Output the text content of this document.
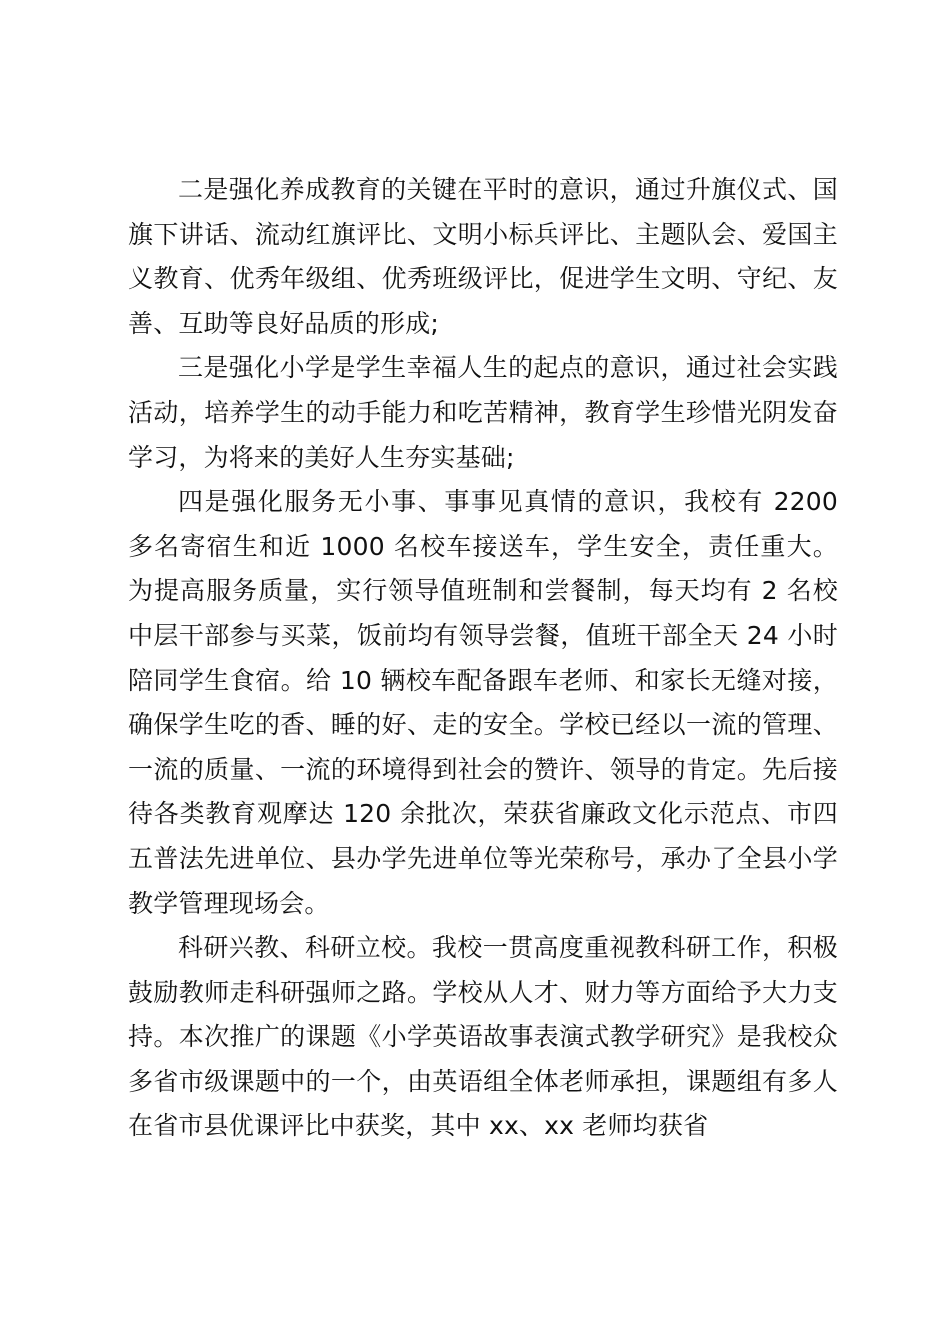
二是强化养成教育的关键在平时的意识，通过升旗仪式、国旗下讲话、流动红旗评比、文明小标兵评比、主题队会、爱国主义教育、优秀年级组、优秀班级评比，促进学生文明、守纪、友善、互助等良好品质的形成;

三是强化小学是学生幸福人生的起点的意识，通过社会实践活动，培养学生的动手能力和吃苦精神，教育学生珍惜光阴发奋学习，为将来的美好人生夯实基础;

四是强化服务无小事、事事见真情的意识，我校有 2200 多名寄宿生和近 1000 名校车接送车，学生安全，责任重大。为提高服务质量，实行领导值班制和尝餐制，每天均有 2 名校中层干部参与买菜，饭前均有领导尝餐，值班干部全天 24 小时陪同学生食宿。给 10 辆校车配备跟车老师、和家长无缝对接，确保学生吃的香、睡的好、走的安全。学校已经以一流的管理、一流的质量、一流的环境得到社会的赞许、领导的肯定。先后接待各类教育观摩达 120 余批次，荣获省廉政文化示范点、市四五普法先进单位、县办学先进单位等光荣称号，承办了全县小学教学管理现场会。

科研兴教、科研立校。我校一贯高度重视教科研工作，积极鼓励教师走科研强师之路。学校从人才、财力等方面给予大力支持。本次推广的课题《小学英语故事表演式教学研究》是我校众多省市级课题中的一个，由英语组全体老师承担，课题组有多人在省市县优课评比中获奖，其中 xx、xx 老师均获省
